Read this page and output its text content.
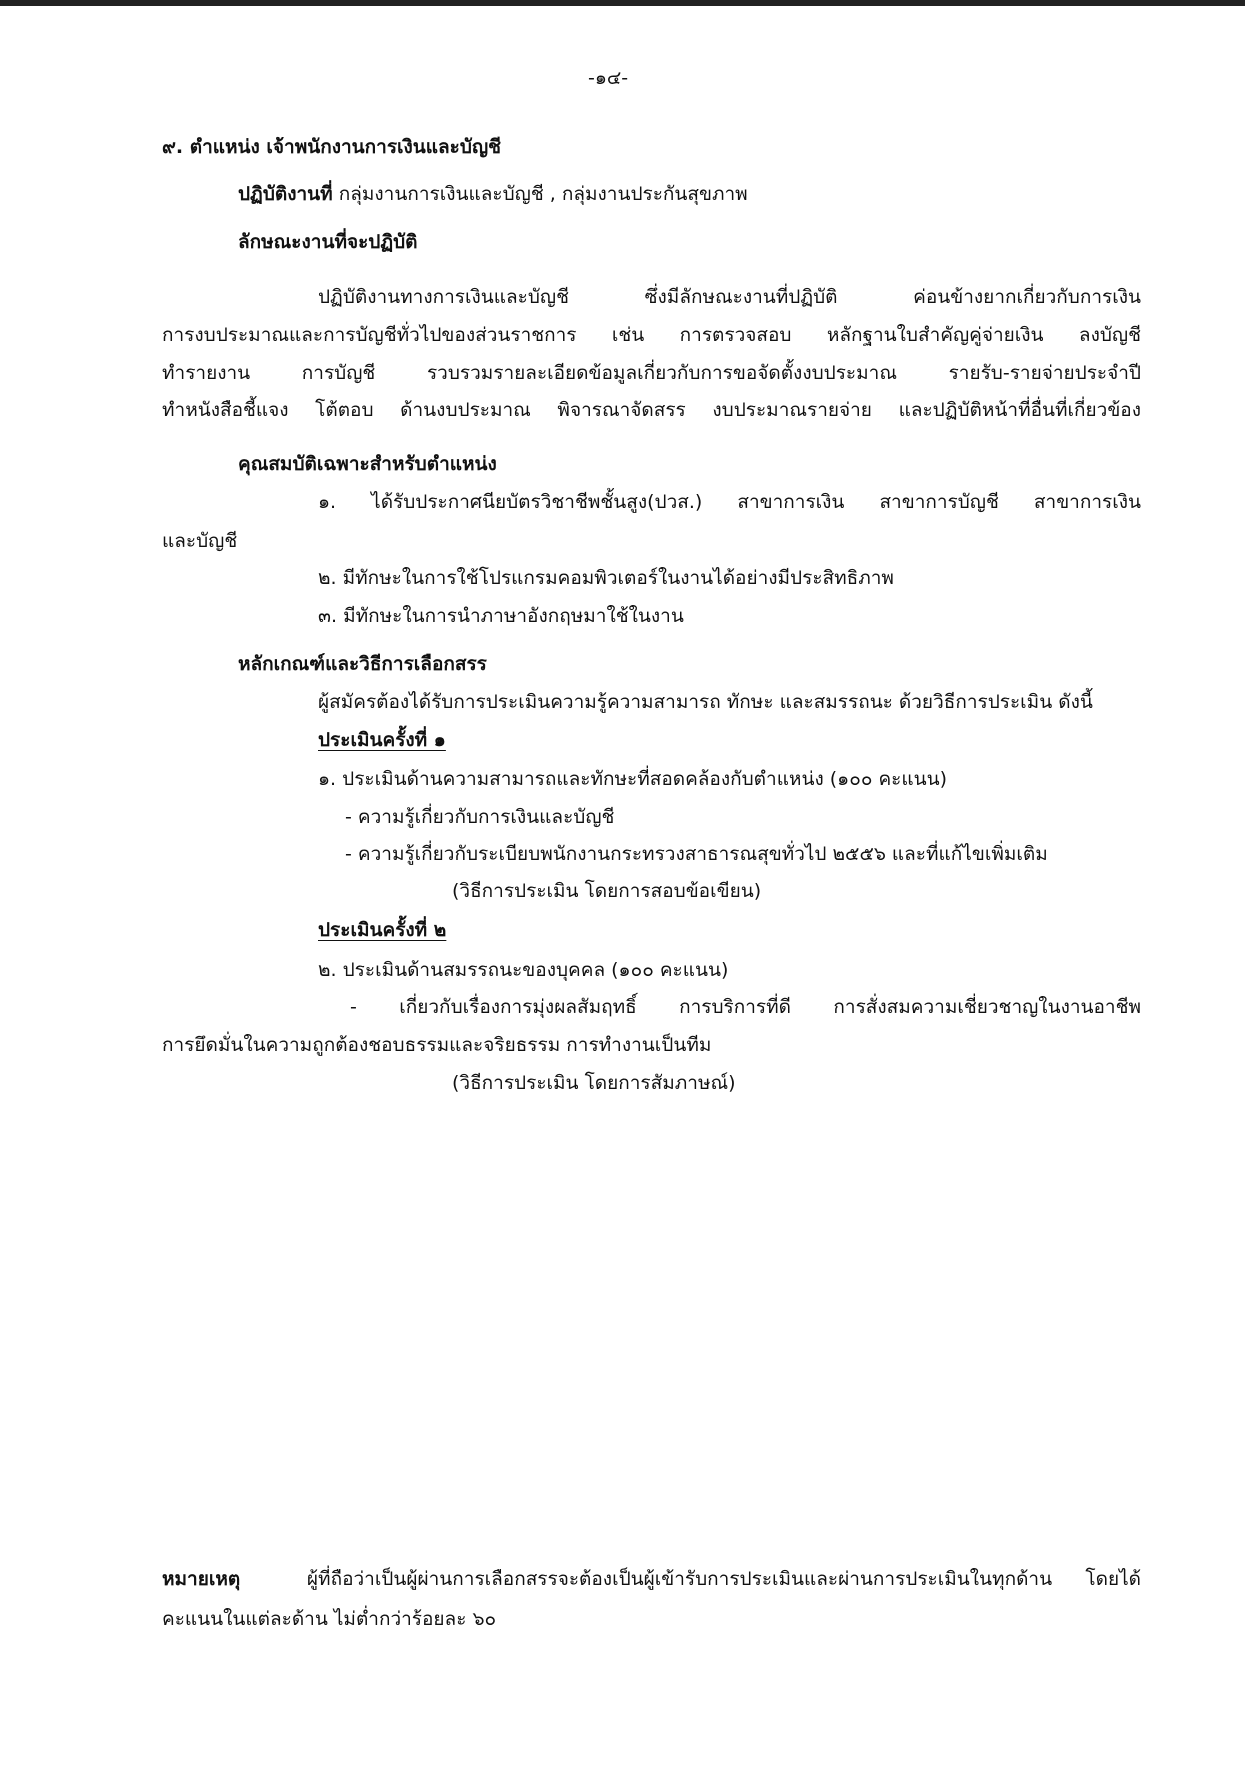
-๑๔-
๙. ตำแหน่ง เจ้าพนักงานการเงินและบัญชี
ปฏิบัติงานที่ กลุ่มงานการเงินและบัญชี , กลุ่มงานประกันสุขภาพ
ลักษณะงานที่จะปฏิบัติ
ปฏิบัติงานทางการเงินและบัญชี ซึ่งมีลักษณะงานที่ปฏิบัติ ค่อนข้างยากเกี่ยวกับการเงิน
การงบประมาณและการบัญชีทั่วไปของส่วนราชการ เช่น การตรวจสอบ หลักฐานใบสำคัญคู่จ่ายเงิน ลงบัญชี
ทำรายงาน การบัญชี รวบรวมรายละเอียดข้อมูลเกี่ยวกับการขอจัดตั้งงบประมาณ รายรับ-รายจ่ายประจำปี
ทำหนังสือชี้แจง โต้ตอบ ด้านงบประมาณ พิจารณาจัดสรร งบประมาณรายจ่าย และปฏิบัติหน้าที่อื่นที่เกี่ยวข้อง
คุณสมบัติเฉพาะสำหรับตำแหน่ง
๑. ได้รับประกาศนียบัตรวิชาชีพชั้นสูง(ปวส.) สาขาการเงิน สาขาการบัญชี สาขาการเงิน
และบัญชี
๒. มีทักษะในการใช้โปรแกรมคอมพิวเตอร์ในงานได้อย่างมีประสิทธิภาพ
๓. มีทักษะในการนำภาษาอังกฤษมาใช้ในงาน
หลักเกณฑ์และวิธีการเลือกสรร
ผู้สมัครต้องได้รับการประเมินความรู้ความสามารถ ทักษะ และสมรรถนะ ด้วยวิธีการประเมิน ดังนี้
ประเมินครั้งที่ ๑
๑. ประเมินด้านความสามารถและทักษะที่สอดคล้องกับตำแหน่ง (๑๐๐ คะแนน)
- ความรู้เกี่ยวกับการเงินและบัญชี
- ความรู้เกี่ยวกับระเบียบพนักงานกระทรวงสาธารณสุขทั่วไป ๒๕๕๖ และที่แก้ไขเพิ่มเติม
(วิธีการประเมิน โดยการสอบข้อเขียน)
ประเมินครั้งที่ ๒
๒. ประเมินด้านสมรรถนะของบุคคล (๑๐๐ คะแนน)
- เกี่ยวกับเรื่องการมุ่งผลสัมฤทธิ์ การบริการที่ดี การสั่งสมความเชี่ยวชาญในงานอาชีพ
การยึดมั่นในความถูกต้องชอบธรรมและจริยธรรม การทำงานเป็นทีม
(วิธีการประเมิน โดยการสัมภาษณ์)
หมายเหตุ	ผู้ที่ถือว่าเป็นผู้ผ่านการเลือกสรรจะต้องเป็นผู้เข้ารับการประเมินและผ่านการประเมินในทุกด้าน โดยได้
คะแนนในแต่ละด้าน ไม่ต่ำกว่าร้อยละ ๖๐
